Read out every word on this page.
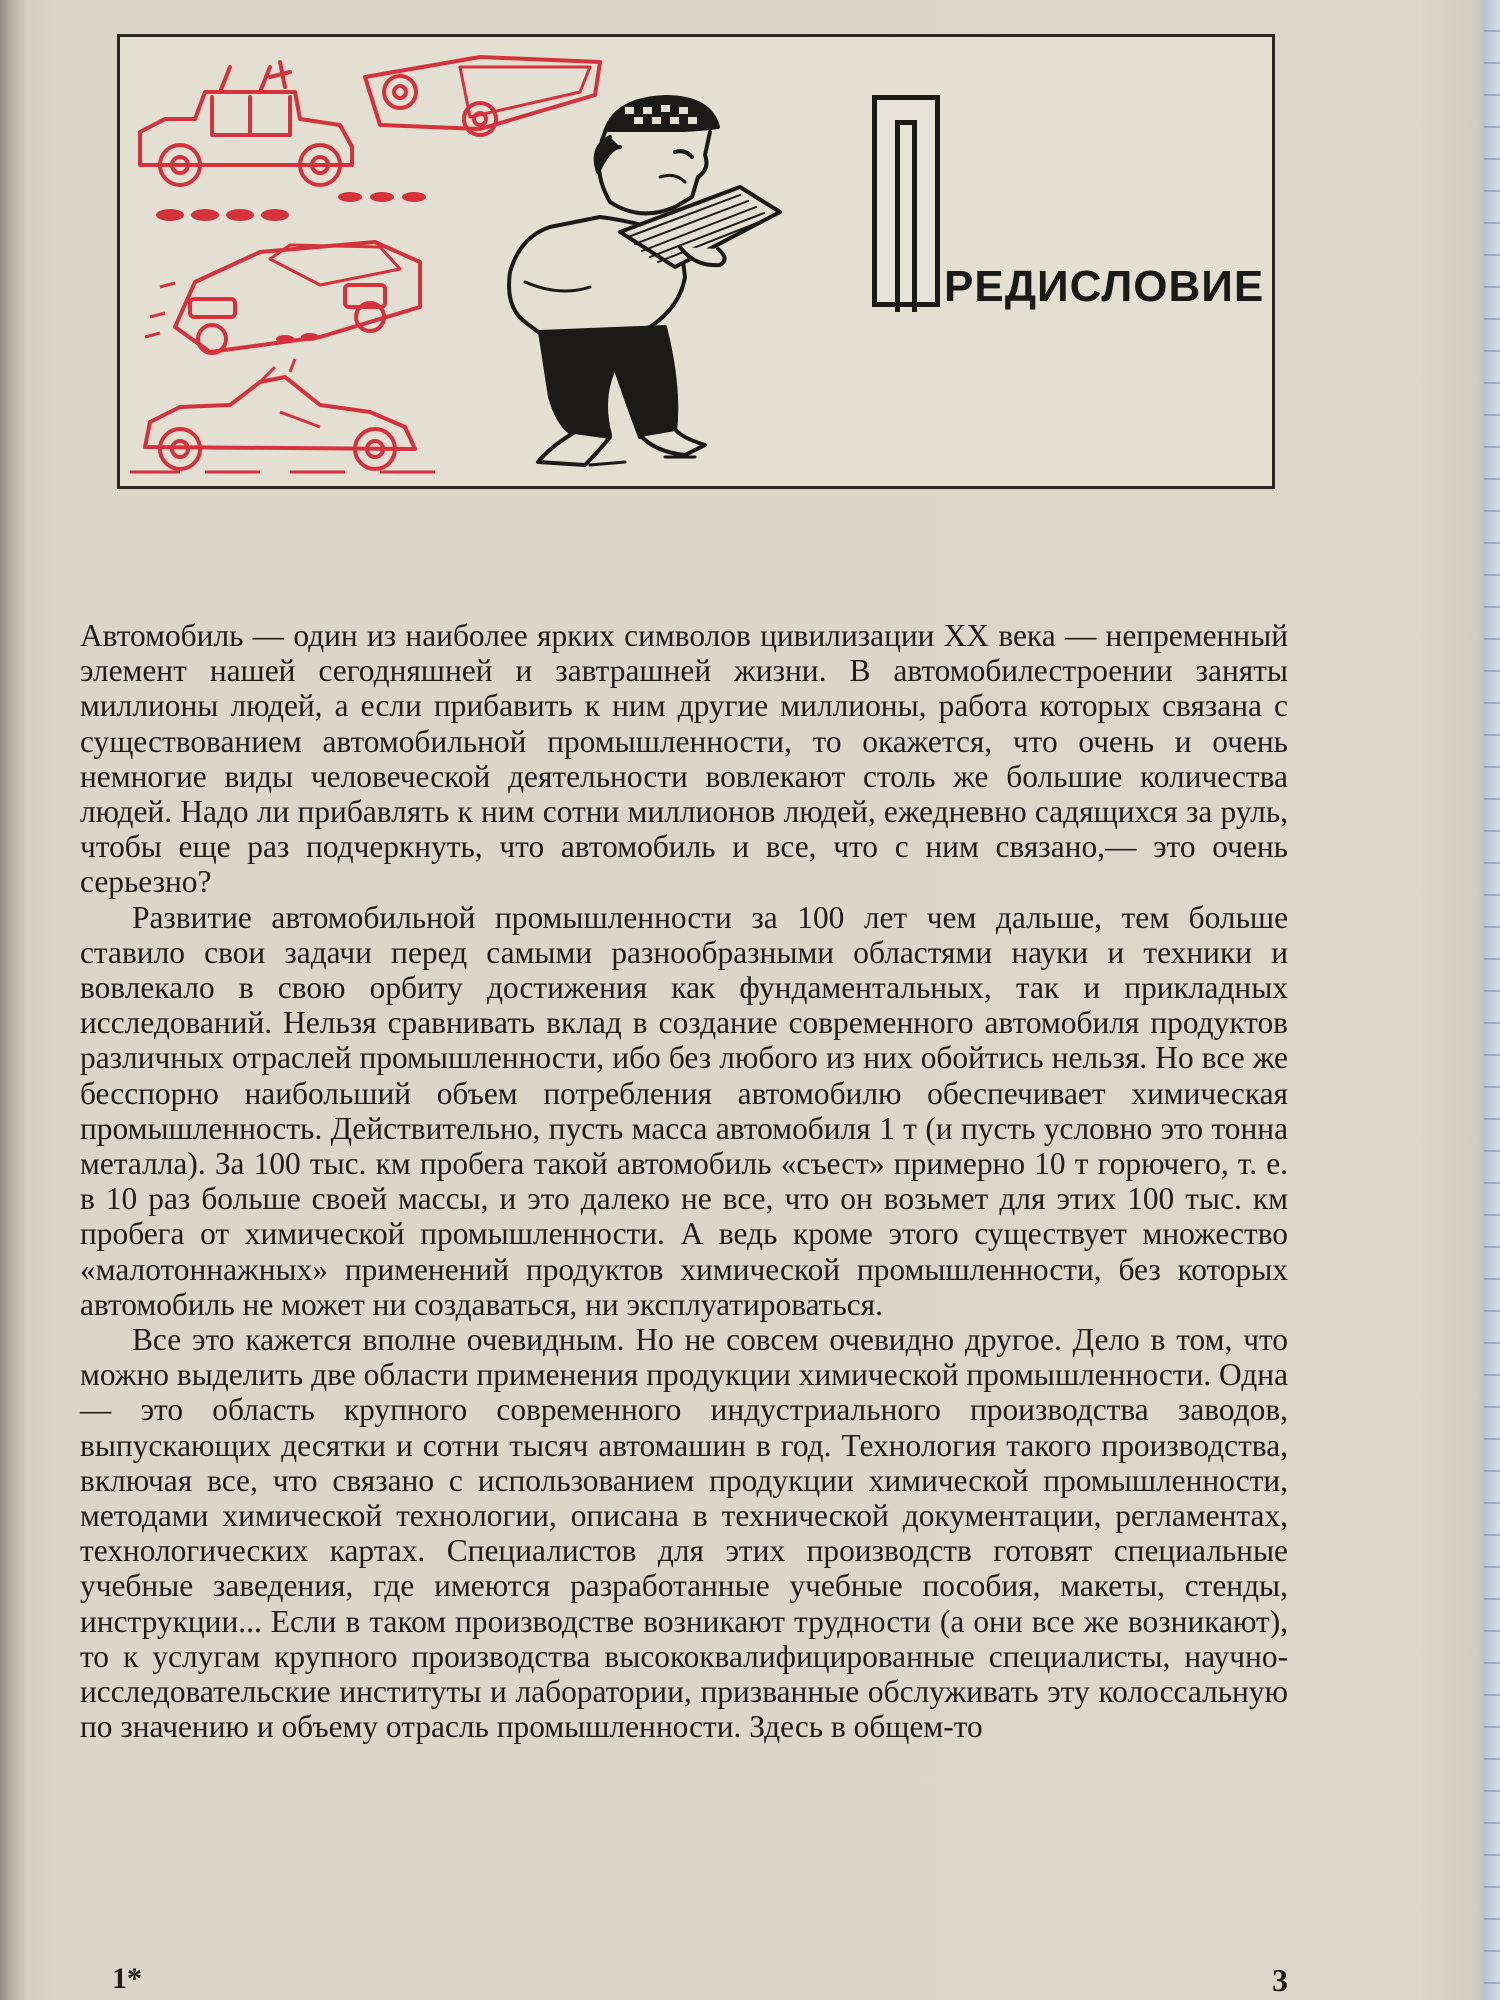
РЕДИСЛОВИЕ

Автомобиль — один из наиболее ярких символов цивилизации XX века — непременный элемент нашей сегодняшней и завтрашней жизни. В автомобилестроении заняты миллионы людей, а если прибавить к ним другие миллионы, работа которых связана с существованием автомобильной промышленности, то окажется, что очень и очень немногие виды человеческой деятельности вовлекают столь же большие количества людей. Надо ли прибавлять к ним сотни миллионов людей, ежедневно садящихся за руль, чтобы еще раз подчеркнуть, что автомобиль и все, что с ним связано,— это очень серьезно?

Развитие автомобильной промышленности за 100 лет чем дальше, тем больше ставило свои задачи перед самыми разнообразными областями науки и техники и вовлекало в свою орбиту достижения как фундаментальных, так и прикладных исследований. Нельзя сравнивать вклад в создание современного автомобиля продуктов различных отраслей промышленности, ибо без любого из них обойтись нельзя. Но все же бесспорно наибольший объем потребления автомобилю обеспечивает химическая промышленность. Действительно, пусть масса автомобиля 1 т (и пусть условно это тонна металла). За 100 тыс. км пробега такой автомобиль «съест» примерно 10 т горючего, т. е. в 10 раз больше своей массы, и это далеко не все, что он возьмет для этих 100 тыс. км пробега от химической промышленности. А ведь кроме этого существует множество «малотоннажных» применений продуктов химической промышленности, без которых автомобиль не может ни создаваться, ни эксплуатироваться.

Все это кажется вполне очевидным. Но не совсем очевидно другое. Дело в том, что можно выделить две области применения продукции химической промышленности. Одна — это область крупного современного индустриального производства заводов, выпускающих десятки и сотни тысяч автомашин в год. Технология такого производства, включая все, что связано с использованием продукции химической промышленности, методами химической технологии, описана в технической документации, регламентах, технологических картах. Специалистов для этих производств готовят специальные учебные заведения, где имеются разработанные учебные пособия, макеты, стенды, инструкции... Если в таком производстве возникают трудности (а они все же возникают), то к услугам крупного производства высококвалифицированные специалисты, научно-исследовательские институты и лаборатории, призванные обслуживать эту колоссальную по значению и объему отрасль промышленности. Здесь в общем-то

1*	3
